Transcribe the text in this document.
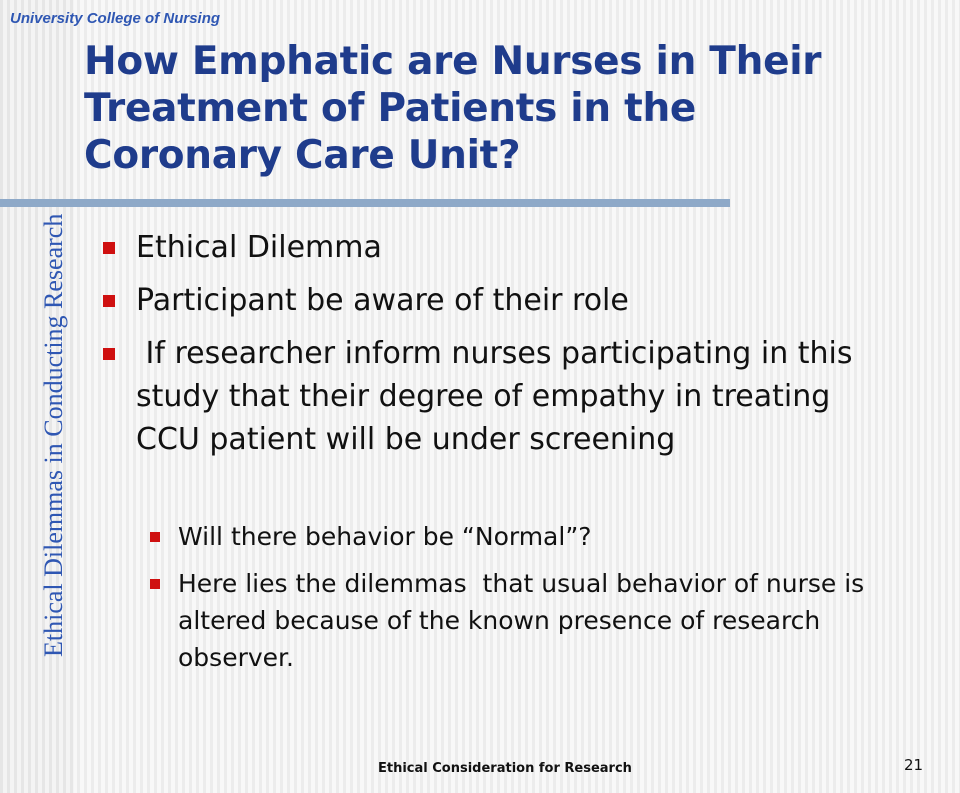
University College of Nursing
Ethical Dilemmas in Conducting Research
How Emphatic are Nurses in Their Treatment of Patients in the Coronary Care Unit?
Ethical Dilemma
Participant be aware of their role
If researcher inform nurses participating in this study that their degree of empathy in treating CCU patient will be under screening
Will there behavior be “Normal”?
Here lies the dilemmas  that usual behavior of nurse is altered because of the known presence of research observer.
Ethical Consideration for Research	21
